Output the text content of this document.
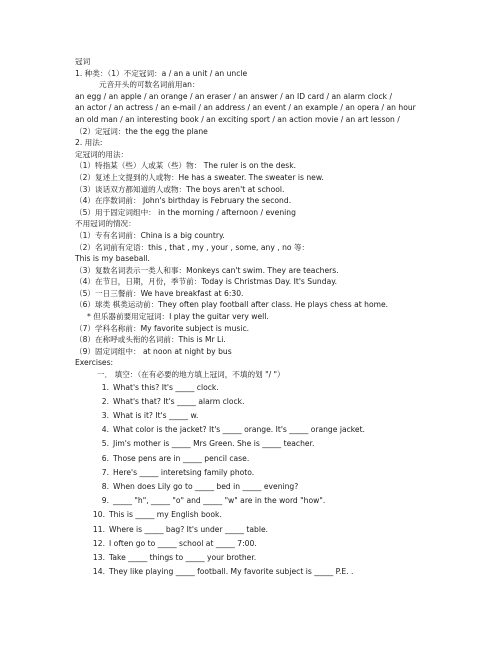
冠词
1. 种类：（1）不定冠词：a / an a unit / an uncle
元音开头的可数名词前用an：
an egg / an apple / an orange / an eraser / an answer / an ID card / an alarm clock /
an actor / an actress / an e-mail / an address / an event / an example / an opera / an hour
an old man / an interesting book / an exciting sport / an action movie / an art lesson /
（2）定冠词：the the egg the plane
2. 用法:
定冠词的用法：
（1）特指某（些）人或某（些）物： The ruler is on the desk.
（2）复述上文提到的人或物：He has a sweater. The sweater is new.
（3）谈话双方都知道的人或物：The boys aren't at school.
（4）在序数词前： John's birthday is February the second.
（5）用于固定词组中： in the morning / afternoon / evening
不用冠词的情况：
（1）专有名词前：China is a big country.
（2）名词前有定语：this , that , my , your , some, any , no 等：
This is my baseball.
（3）复数名词表示一类人和事：Monkeys can't swim. They are teachers.
（4）在节日，日期，月份，季节前：Today is Christmas Day. It's Sunday.
（5）一日三餐前：We have breakfast at 6:30.
（6）球类 棋类运动前：They often play football after class. He plays chess at home.
* 但乐器前要用定冠词：I play the guitar very well.
（7）学科名称前：My favorite subject is music.
（8）在称呼或头衔的名词前：This is Mr Li.
（9）固定词组中： at noon at night by bus
Exercises:
一． 填空：（在有必要的地方填上冠词，不填的划 "/ "）
1. What's this? It's _____ clock.
2. What's that? It's _____ alarm clock.
3. What is it? It's _____ w.
4. What color is the jacket? It's _____ orange. It's _____ orange jacket.
5. Jim's mother is _____ Mrs Green. She is _____ teacher.
6. Those pens are in _____ pencil case.
7. Here's _____ interetsing family photo.
8. When does Lily go to _____ bed in _____ evening?
9. _____ "h", _____ "o" and _____ "w" are in the word "how".
10. This is _____ my English book.
11. Where is _____ bag? It's under _____ table.
12. I often go to _____ school at _____ 7:00.
13. Take _____ things to _____ your brother.
14. They like playing _____ football. My favorite subject is _____ P.E. .
